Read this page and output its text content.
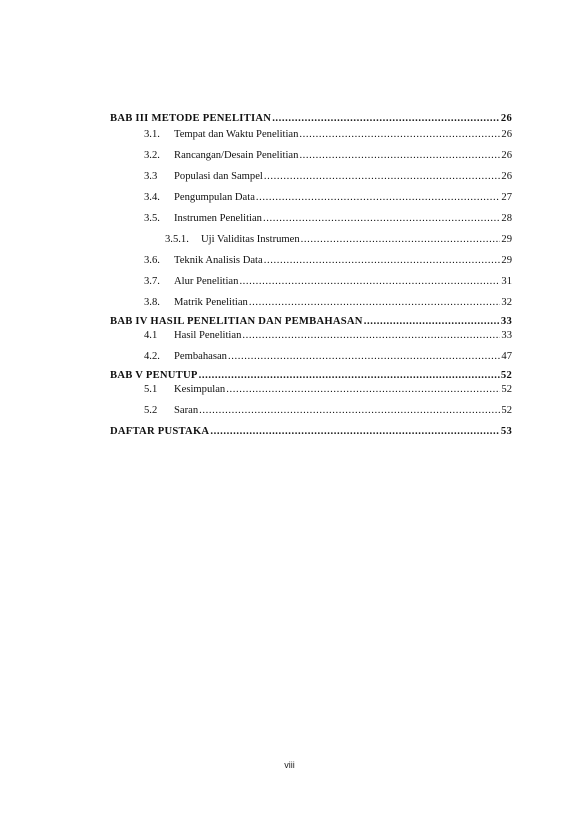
BAB III METODE PENELITIAN .....	26
3.1.	Tempat dan Waktu Penelitian .....	26
3.2.	Rancangan/Desain Penelitian .....	26
3.3	Populasi dan Sampel .....	26
3.4.	Pengumpulan Data .....	27
3.5.	Instrumen Penelitian .....	28
3.5.1.	Uji Validitas Instrumen .....	29
3.6.	Teknik Analisis Data .....	29
3.7.	Alur Penelitian .....	31
3.8.	Matrik Penelitian .....	32
BAB IV HASIL PENELITIAN DAN PEMBAHASAN .....	33
4.1	Hasil Penelitian .....	33
4.2.	Pembahasan .....	47
BAB V PENUTUP .....	52
5.1	Kesimpulan .....	52
5.2	Saran .....	52
DAFTAR PUSTAKA .....	53
viii
